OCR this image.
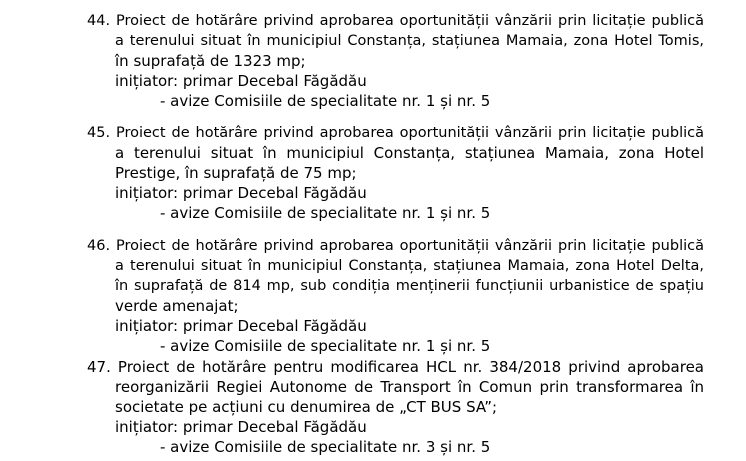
44. Proiect de hotărâre privind aprobarea oportunității vânzării prin licitație publică
a terenului situat în municipiul Constanța, stațiunea Mamaia, zona Hotel Tomis,
în suprafață de 1323 mp;
inițiator: primar Decebal Făgădău
- avize Comisiile de specialitate nr. 1 și nr. 5
45. Proiect de hotărâre privind aprobarea oportunității vânzării prin licitație publică
a terenului situat în municipiul Constanța, stațiunea Mamaia, zona Hotel
Prestige, în suprafață de 75 mp;
inițiator: primar Decebal Făgădău
- avize Comisiile de specialitate nr. 1 și nr. 5
46. Proiect de hotărâre privind aprobarea oportunității vânzării prin licitație publică
a terenului situat în municipiul Constanța, stațiunea Mamaia, zona Hotel Delta,
în suprafață de 814 mp, sub condiția menținerii funcțiunii urbanistice de spațiu
verde amenajat;
inițiator: primar Decebal Făgădău
- avize Comisiile de specialitate nr. 1 și nr. 5
47. Proiect de hotărâre pentru modificarea HCL nr. 384/2018 privind aprobarea
reorganizării Regiei Autonome de Transport în Comun prin transformarea în
societate pe acțiuni cu denumirea de „CT BUS SA”;
inițiator: primar Decebal Făgădău
- avize Comisiile de specialitate nr. 3 și nr. 5
